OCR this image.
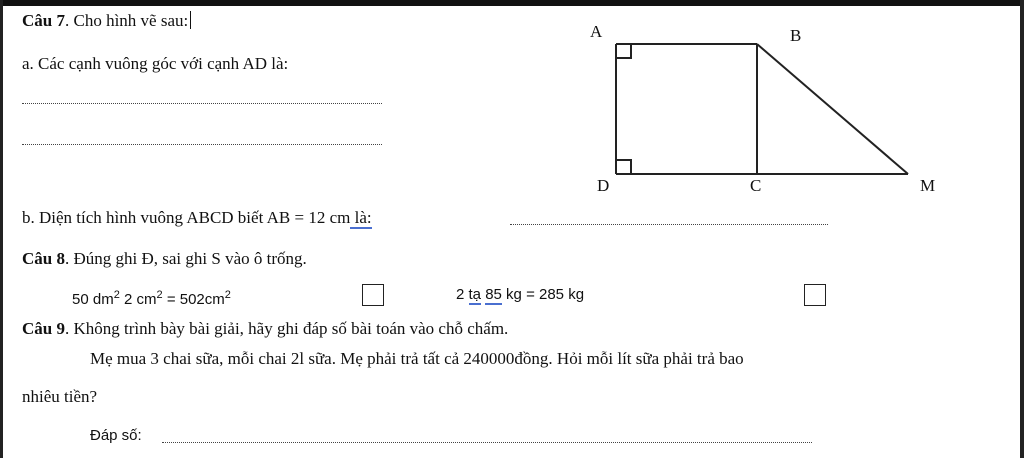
Câu 7. Cho hình vẽ sau:
a. Các cạnh vuông góc với cạnh AD là:
b. Diện tích hình vuông ABCD biết AB = 12 cm là:
A	B
C
D	M
Câu 8. Đúng ghi Đ, sai ghi S vào ô trống.
50 $dm^2$ 2 $cm^2 = 502cm^2$	2 tạ 85 kg = 285 kg
Câu 9. Không trình bày bài giải, hãy ghi đáp số bài toán vào chỗ chấm.
Mẹ mua 3 chai sữa, mỗi chai 2l sữa. Mẹ phải trả tất cả 240000đồng. Hỏi mỗi lít sữa phải trả bao
nhiêu tiền?
Đáp số:
